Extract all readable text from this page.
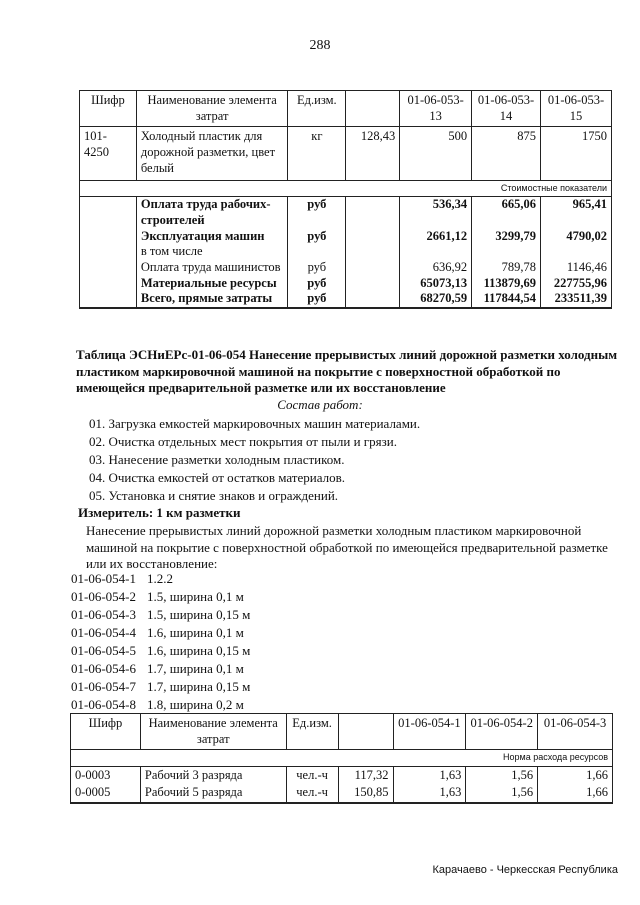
288
Шифр	Наименование элемента затрат	Ед.изм.		01-06-053-13	01-06-053-14	01-06-053-15
101-4250	Холодный пластик для дорожной разметки, цвет белый	кг	128,43	500	875	1750
				Стоимостные показатели		
	Оплата труда рабочих-строителей	руб		536,34	665,06	965,41
	Эксплуатация машин	руб		2661,12	3299,79	4790,02
	в том числе					
	Оплата труда машинистов	руб		636,92	789,78	1146,46
	Материальные ресурсы	руб		65073,13	113879,69	227755,96
	Всего, прямые затраты	руб		68270,59	117844,54	233511,39
Таблица ЭСНиЕРс-01-06-054 Нанесение прерывистых линий дорожной разметки холодным пластиком маркировочной машиной на покрытие с поверхностной обработкой по имеющейся предварительной разметке или их восстановление
Состав работ:
01. Загрузка емкостей маркировочных машин материалами.
02. Очистка отдельных мест покрытия от пыли и грязи.
03. Нанесение разметки холодным пластиком.
04. Очистка емкостей от остатков материалов.
05. Установка и снятие знаков и ограждений.
Измеритель: 1 км разметки
Нанесение прерывистых линий дорожной разметки холодным пластиком маркировочной машиной на покрытие с поверхностной обработкой по имеющейся предварительной разметке или их восстановление:
01-06-054-1 1.2.2
01-06-054-2 1.5, ширина 0,1 м
01-06-054-3 1.5, ширина 0,15 м
01-06-054-4 1.6, ширина 0,1 м
01-06-054-5 1.6, ширина 0,15 м
01-06-054-6 1.7, ширина 0,1 м
01-06-054-7 1.7, ширина 0,15 м
01-06-054-8 1.8, ширина 0,2 м
Шифр	Наименование элемента затрат	Ед.изм.		01-06-054-1	01-06-054-2	01-06-054-3
				Норма расхода ресурсов		
0-0003	Рабочий 3 разряда	чел.-ч	117,32	1,63	1,56	1,66
0-0005	Рабочий 5 разряда	чел.-ч	150,85	1,63	1,56	1,66
Карачаево - Черкесская Республика
